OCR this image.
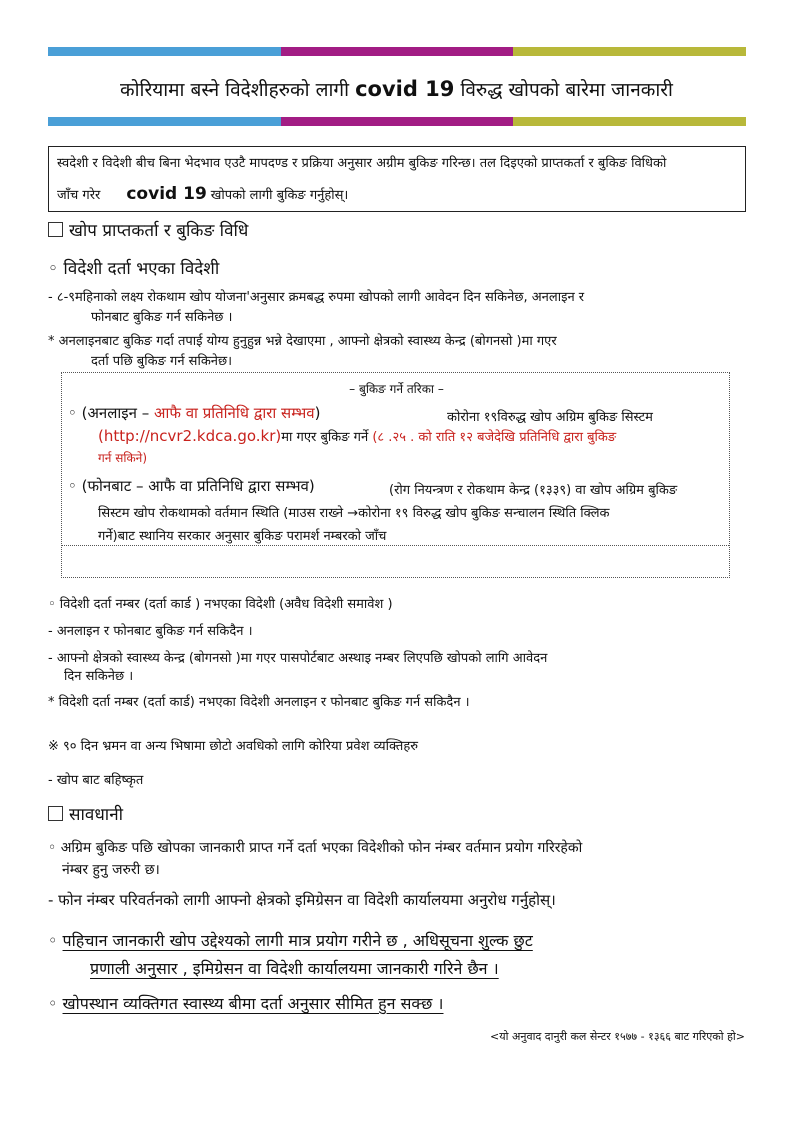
कोरियामा बस्ने विदेशीहरुको लागी covid 19 विरुद्ध खोपको बारेमा जानकारी
स्वदेशी र विदेशी बीच बिना भेदभाव एउटै मापदण्ड र प्रक्रिया अनुसार अग्रीम बुकिङ गरिन्छ। तल दिइएको प्राप्तकर्ता र बुकिङ विधिको
जाँच गरेर covid 19 खोपको लागी बुकिङ गर्नुहोस्।
खोप प्राप्तकर्ता र बुकिङ विधि
◦ विदेशी दर्ता भएका विदेशी
- ८-९महिनाको लक्ष्य रोकथाम खोप योजना'अनुसार क्रमबद्ध रुपमा खोपको लागी आवेदन दिन सकिनेछ, अनलाइन र
फोनबाट बुकिङ गर्न सकिनेछ ।
* अनलाइनबाट बुकिङ गर्दा तपाई योग्य हुनुहुन्न भन्ने देखाएमा , आफ्नो क्षेत्रको स्वास्थ्य केन्द्र (बोगनसो )मा गएर
दर्ता पछि बुकिङ गर्न सकिनेछ।
– बुकिङ गर्ने तरिका –
◦ (अनलाइन – आफै वा प्रतिनिधि द्वारा सम्भव)	कोरोना १९विरुद्ध खोप अग्रिम बुकिङ सिस्टम
(http://ncvr2.kdca.go.kr)मा गएर बुकिङ गर्ने (८ .२५ . को राति १२ बजेदेखि प्रतिनिधि द्वारा बुकिङ
गर्न सकिने)
◦ (फोनबाट – आफै वा प्रतिनिधि द्वारा सम्भव)	(रोग नियन्त्रण र रोकथाम केन्द्र (१३३९) वा खोप अग्रिम बुकिङ
सिस्टम खोप रोकथामको वर्तमान स्थिति (माउस राख्ने →कोरोना १९ विरुद्ध खोप बुकिङ सन्चालन स्थिति क्लिक
गर्ने)बाट स्थानिय सरकार अनुसार बुकिङ परामर्श नम्बरको जाँच
◦ विदेशी दर्ता नम्बर (दर्ता कार्ड ) नभएका विदेशी (अवैध विदेशी समावेश )
- अनलाइन र फोनबाट बुकिङ गर्न सकिदैन ।
- आफ्नो क्षेत्रको स्वास्थ्य केन्द्र (बोगनसो )मा गएर पासपोर्टबाट अस्थाइ नम्बर लिएपछि खोपको लागि आवेदन
दिन सकिनेछ ।
* विदेशी दर्ता नम्बर (दर्ता कार्ड) नभएका विदेशी अनलाइन र फोनबाट बुकिङ गर्न सकिदैन ।
※ ९० दिन भ्रमन वा अन्य भिषामा छोटो अवधिको लागि कोरिया प्रवेश व्यक्तिहरु
- खोप बाट बहिष्कृत
सावधानी
◦ अग्रिम बुकिङ पछि खोपका जानकारी प्राप्त गर्ने दर्ता भएका विदेशीको फोन नंम्बर वर्तमान प्रयोग गरिरहेको
नंम्बर हुनु जरुरी छ।
- फोन नंम्बर परिवर्तनको लागी आफ्नो क्षेत्रको इमिग्रेसन वा विदेशी कार्यालयमा अनुरोध गर्नुहोस्।
◦ पहिचान जानकारी खोप उद्देश्यको लागी मात्र प्रयोग गरीने छ , अधिसूचना शुल्क छुट
प्रणाली अनुसार , इमिग्रेसन वा विदेशी कार्यालयमा जानकारी गरिने छैन ।
◦ खोपस्थान व्यक्तिगत स्वास्थ्य बीमा दर्ता अनुसार सीमित हुन सक्छ ।
<यो अनुवाद दानुरी कल सेन्टर १५७७ - १३६६ बाट गरिएको हो>
